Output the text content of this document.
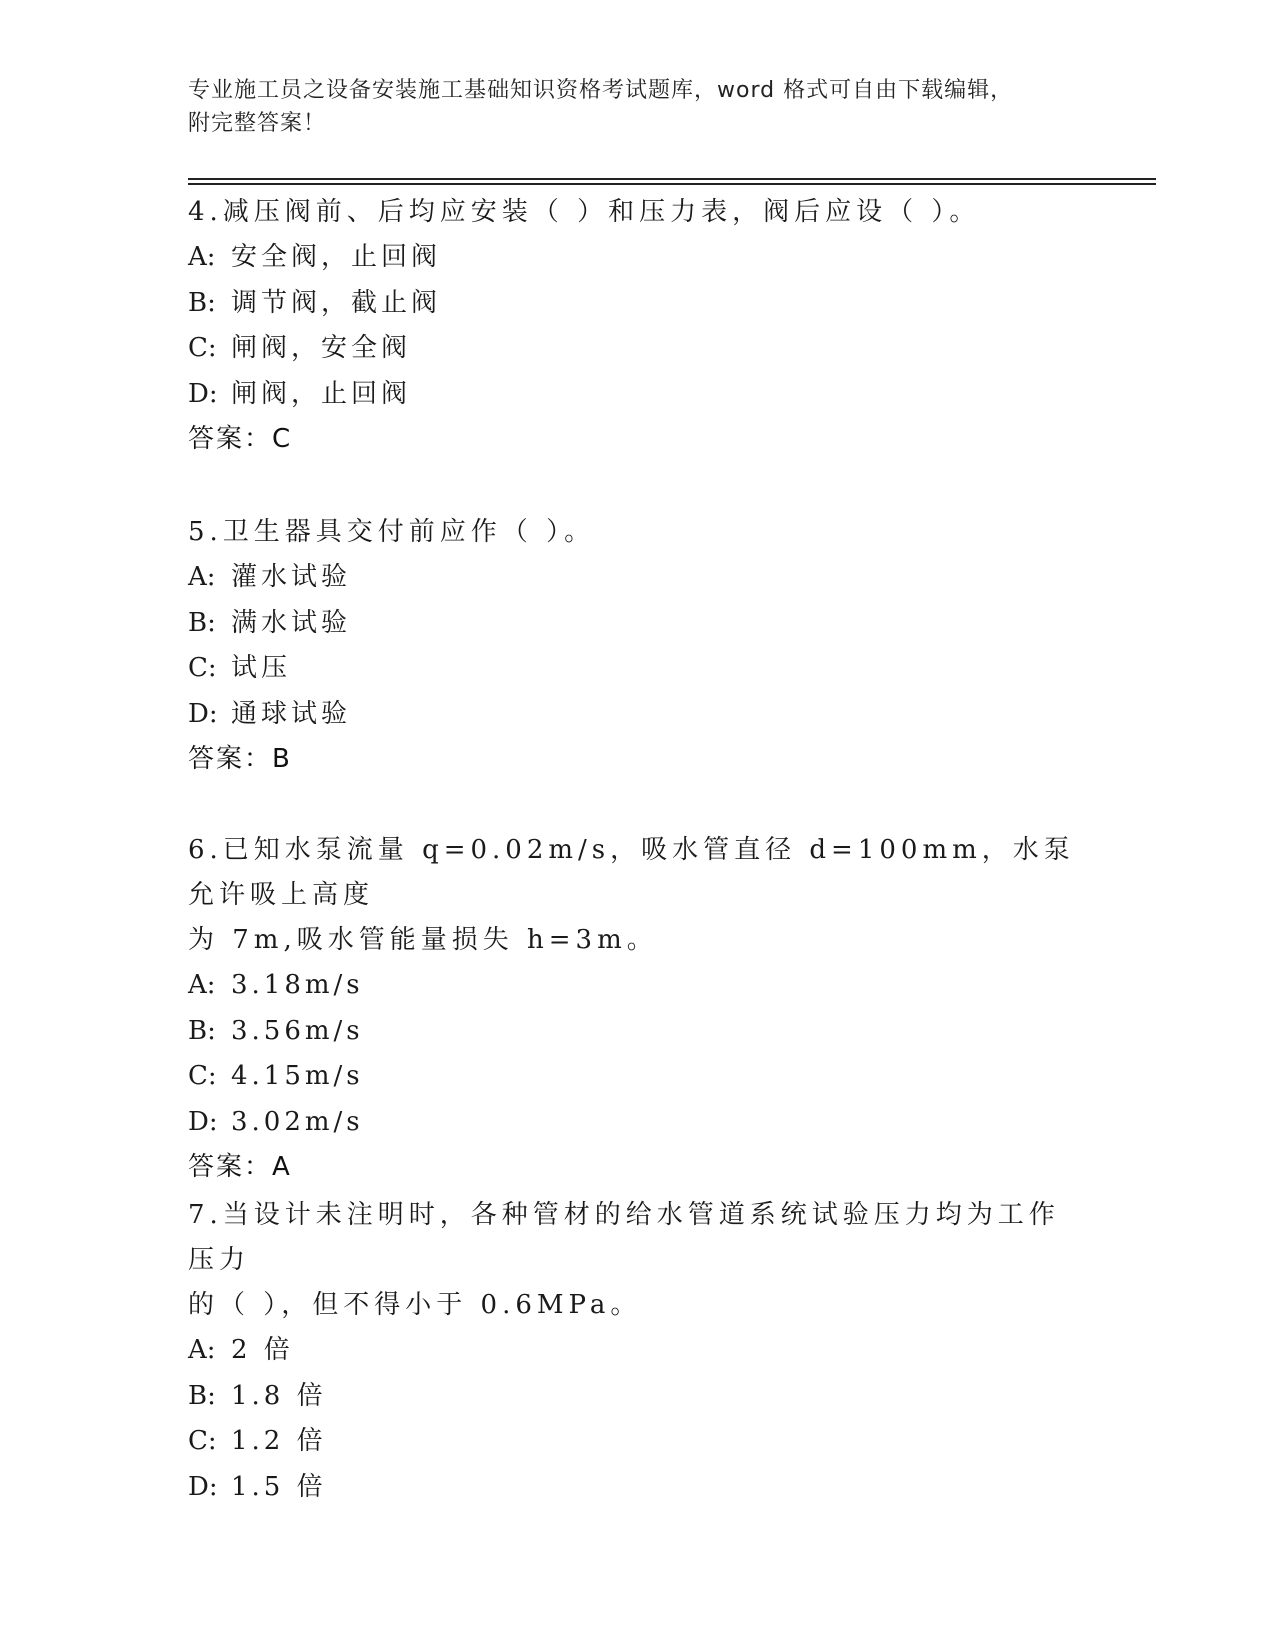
专业施工员之设备安装施工基础知识资格考试题库，word 格式可自由下载编辑，
附完整答案！

4.减压阀前、后均应安装（ ）和压力表，阀后应设（ ）。

A: 安全阀，止回阀

B: 调节阀，截止阀

C: 闸阀，安全阀

D: 闸阀，止回阀

答案：C

5.卫生器具交付前应作（ ）。

A: 灌水试验

B: 满水试验

C: 试压

D: 通球试验

答案：B

6.已知水泵流量 q=0.02m/s，吸水管直径 d=100mm，水泵允许吸上高度

为 7m,吸水管能量损失 h=3m。

A: 3.18m/s

B: 3.56m/s

C: 4.15m/s

D: 3.02m/s

答案：A

7.当设计未注明时，各种管材的给水管道系统试验压力均为工作压力

的（ ），但不得小于 0.6MPa。

A: 2 倍

B: 1.8 倍

C: 1.2 倍

D: 1.5 倍
